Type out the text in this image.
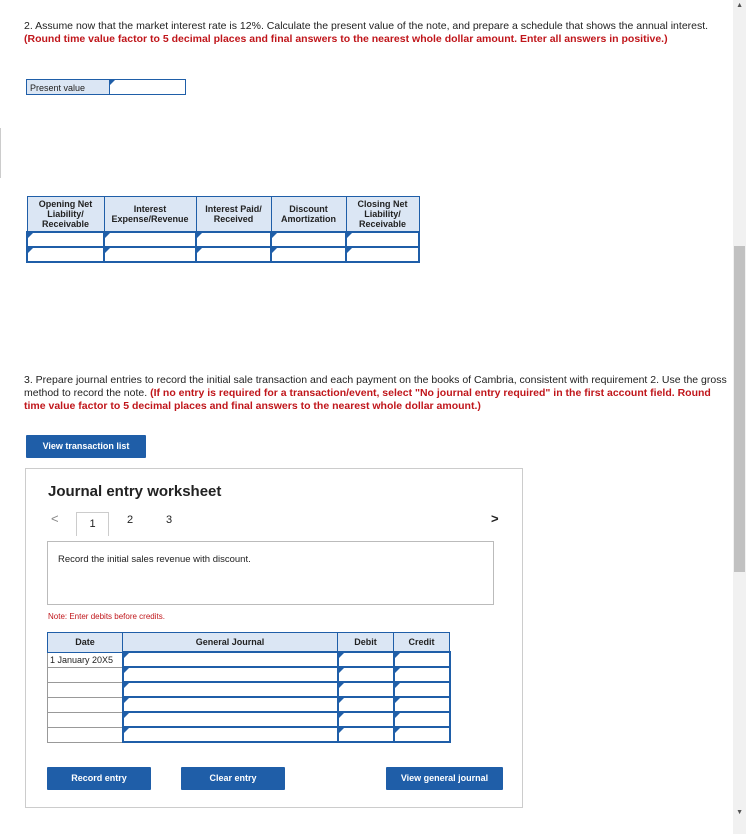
2. Assume now that the market interest rate is 12%. Calculate the present value of the note, and prepare a schedule that shows the annual interest. (Round time value factor to 5 decimal places and final answers to the nearest whole dollar amount. Enter all answers in positive.)
Present value
Opening Net Liability/ Receivable	Interest Expense/Revenue	Interest Paid/ Received	Discount Amortization	Closing Net Liability/ Receivable

3. Prepare journal entries to record the initial sale transaction and each payment on the books of Cambria, consistent with requirement 2. Use the gross method to record the note. (If no entry is required for a transaction/event, select "No journal entry required" in the first account field. Round time value factor to 5 decimal places and final answers to the nearest whole dollar amount.)
View transaction list
Journal entry worksheet
<	1	2	3	>
Record the initial sales revenue with discount.
Note: Enter debits before credits.
Date	General Journal	Debit	Credit
1 January 20X5	

Record entry	Clear entry	View general journal
▲
▼
